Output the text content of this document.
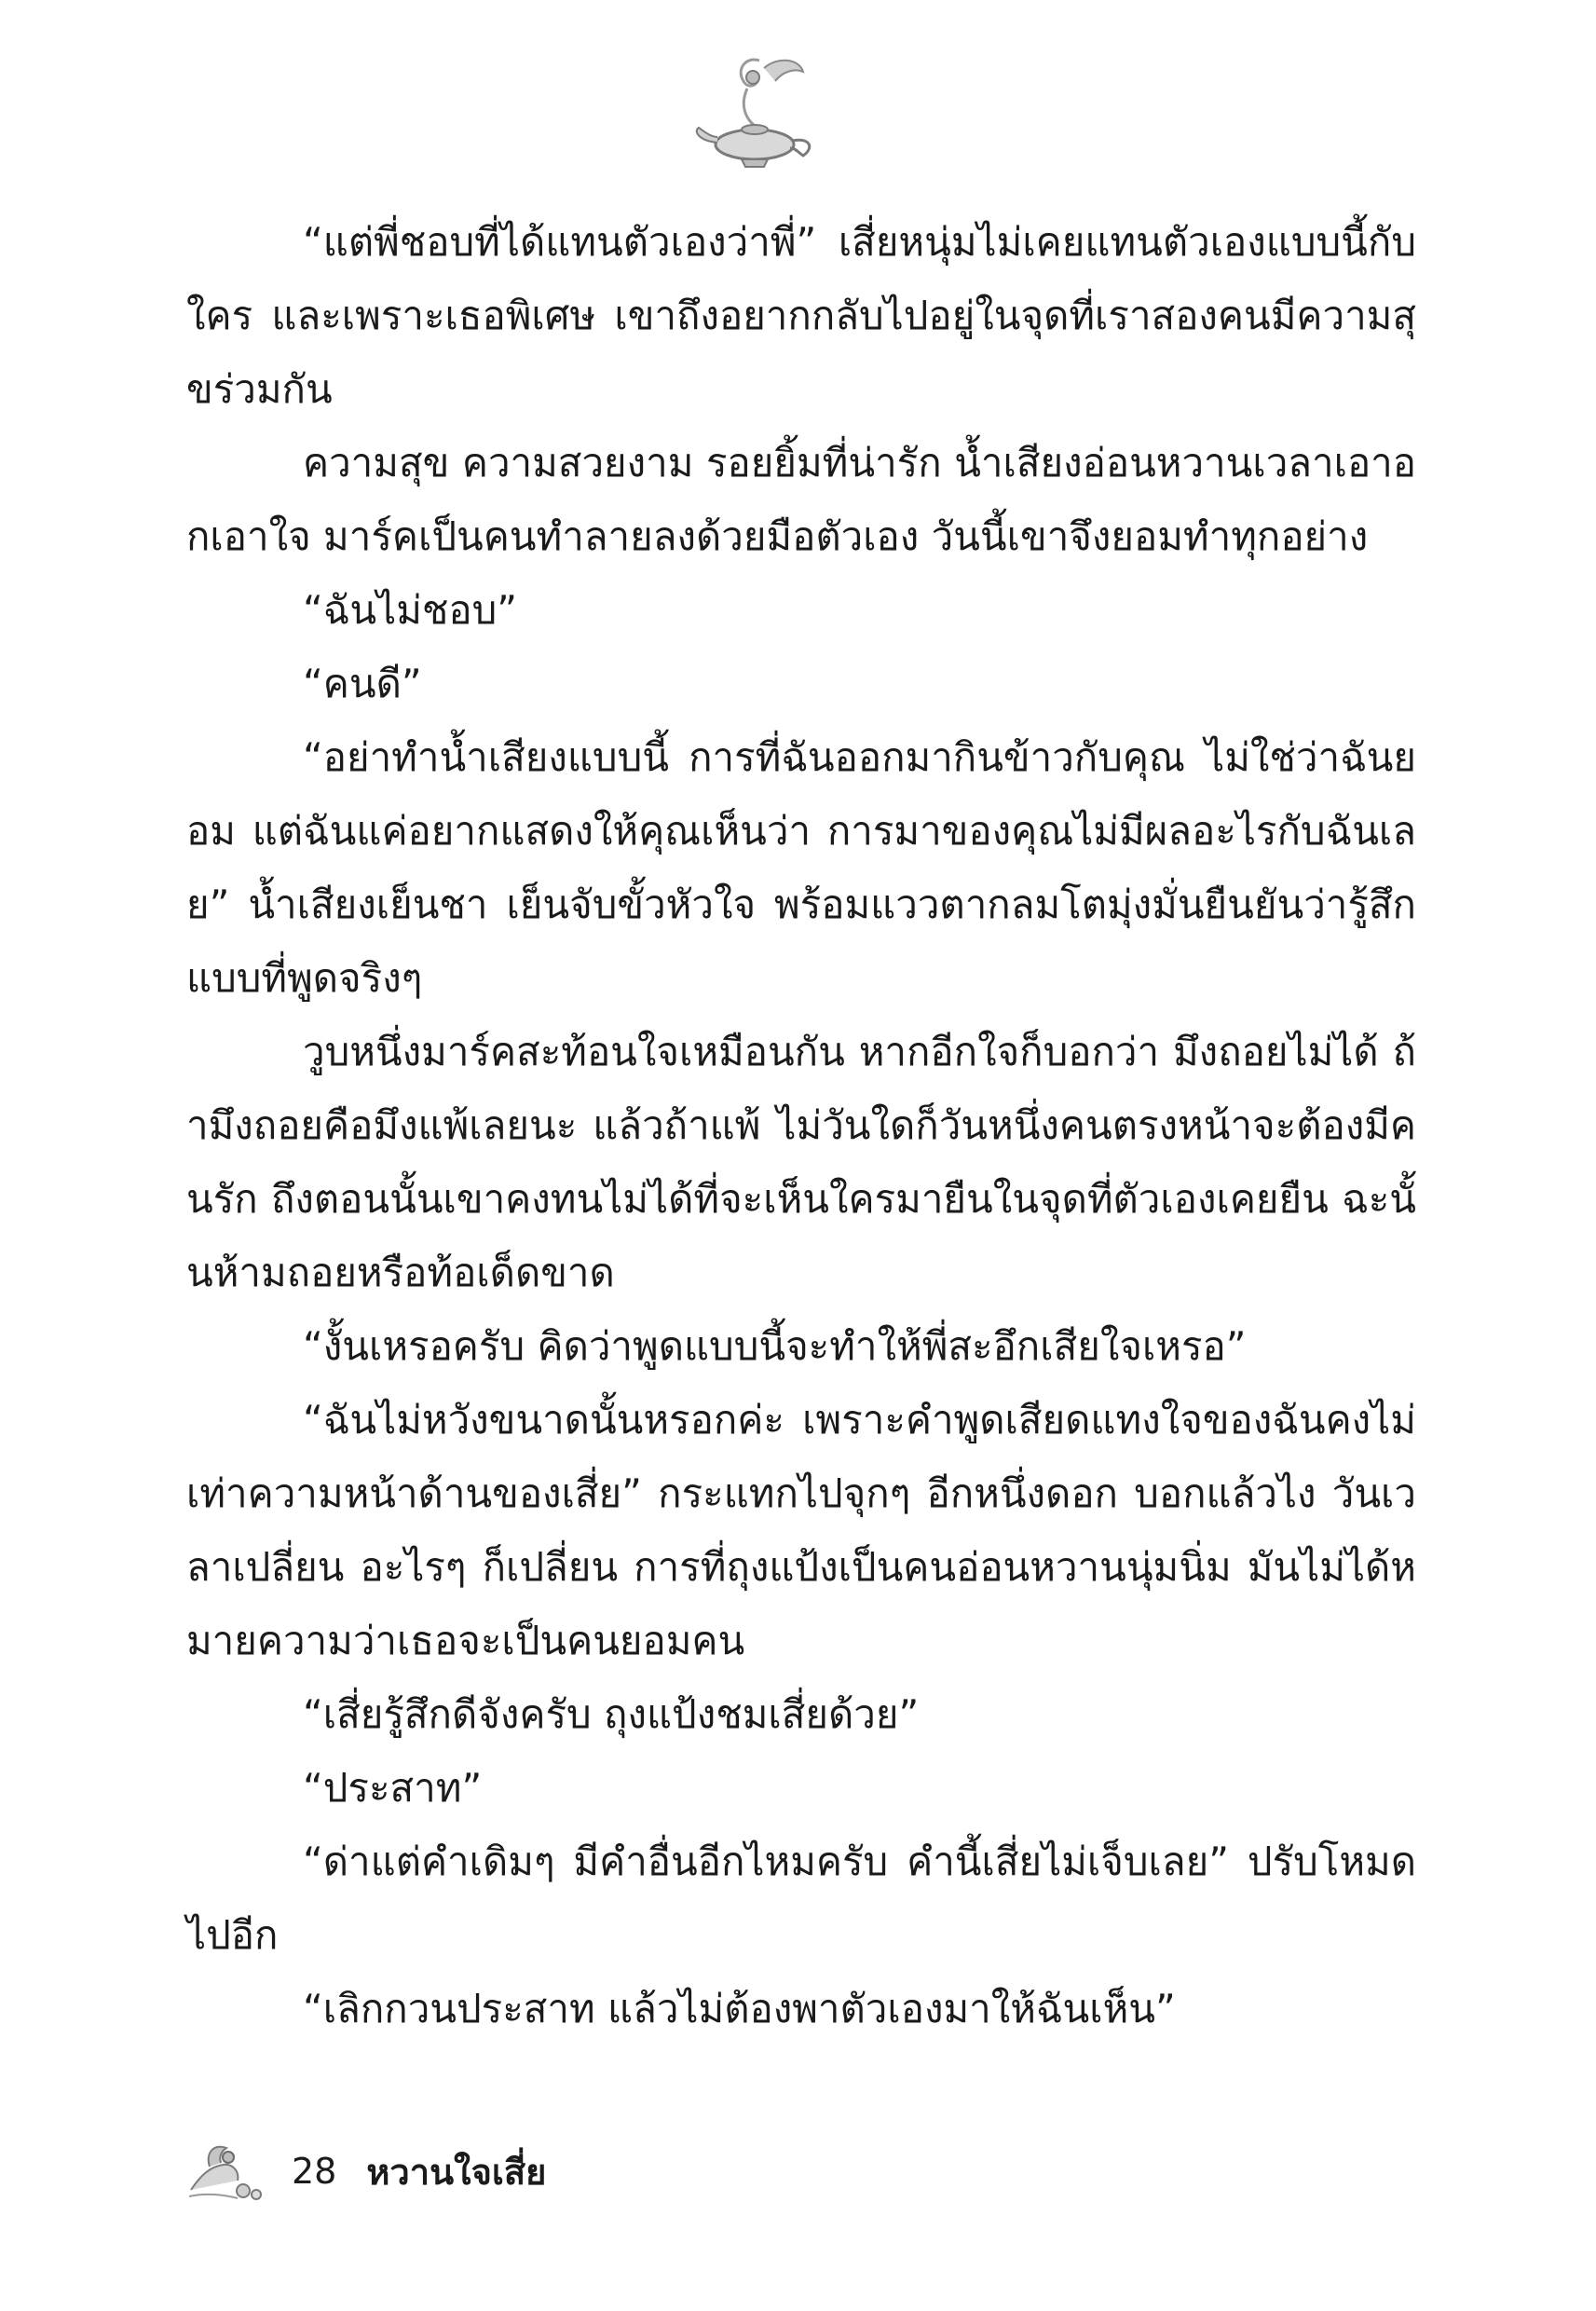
“แต่พี่ชอบที่ได้แทนตัวเองว่าพี่” เสี่ยหนุ่มไม่เคยแทนตัวเองแบบนี้กับใคร และเพราะเธอพิเศษ เขาถึงอยากกลับไปอยู่ในจุดที่เราสองคนมีความสุขร่วมกัน

ความสุข ความสวยงาม รอยยิ้มที่น่ารัก น้ำเสียงอ่อนหวานเวลาเอาอกเอาใจ มาร์คเป็นคนทำลายลงด้วยมือตัวเอง วันนี้เขาจึงยอมทำทุกอย่าง

“ฉันไม่ชอบ”

“คนดี”

“อย่าทำน้ำเสียงแบบนี้ การที่ฉันออกมากินข้าวกับคุณ ไม่ใช่ว่าฉันยอม แต่ฉันแค่อยากแสดงให้คุณเห็นว่า การมาของคุณไม่มีผลอะไรกับฉันเลย” น้ำเสียงเย็นชา เย็นจับขั้วหัวใจ พร้อมแววตากลมโตมุ่งมั่นยืนยันว่ารู้สึกแบบที่พูดจริงๆ

วูบหนึ่งมาร์คสะท้อนใจเหมือนกัน หากอีกใจก็บอกว่า มึงถอยไม่ได้ ถ้ามึงถอยคือมึงแพ้เลยนะ แล้วถ้าแพ้ ไม่วันใดก็วันหนึ่งคนตรงหน้าจะต้องมีคนรัก ถึงตอนนั้นเขาคงทนไม่ได้ที่จะเห็นใครมายืนในจุดที่ตัวเองเคยยืน ฉะนั้นห้ามถอยหรือท้อเด็ดขาด

“งั้นเหรอครับ คิดว่าพูดแบบนี้จะทำให้พี่สะอึกเสียใจเหรอ”

“ฉันไม่หวังขนาดนั้นหรอกค่ะ เพราะคำพูดเสียดแทงใจของฉันคงไม่เท่าความหน้าด้านของเสี่ย” กระแทกไปจุกๆ อีกหนึ่งดอก บอกแล้วไง วันเวลาเปลี่ยน อะไรๆ ก็เปลี่ยน การที่ถุงแป้งเป็นคนอ่อนหวานนุ่มนิ่ม มันไม่ได้หมายความว่าเธอจะเป็นคนยอมคน

“เสี่ยรู้สึกดีจังครับ ถุงแป้งชมเสี่ยด้วย”

“ประสาท”

“ด่าแต่คำเดิมๆ มีคำอื่นอีกไหมครับ คำนี้เสี่ยไม่เจ็บเลย” ปรับโหมดไปอีก

“เลิกกวนประสาท แล้วไม่ต้องพาตัวเองมาให้ฉันเห็น”

28 หวานใจเสี่ย
